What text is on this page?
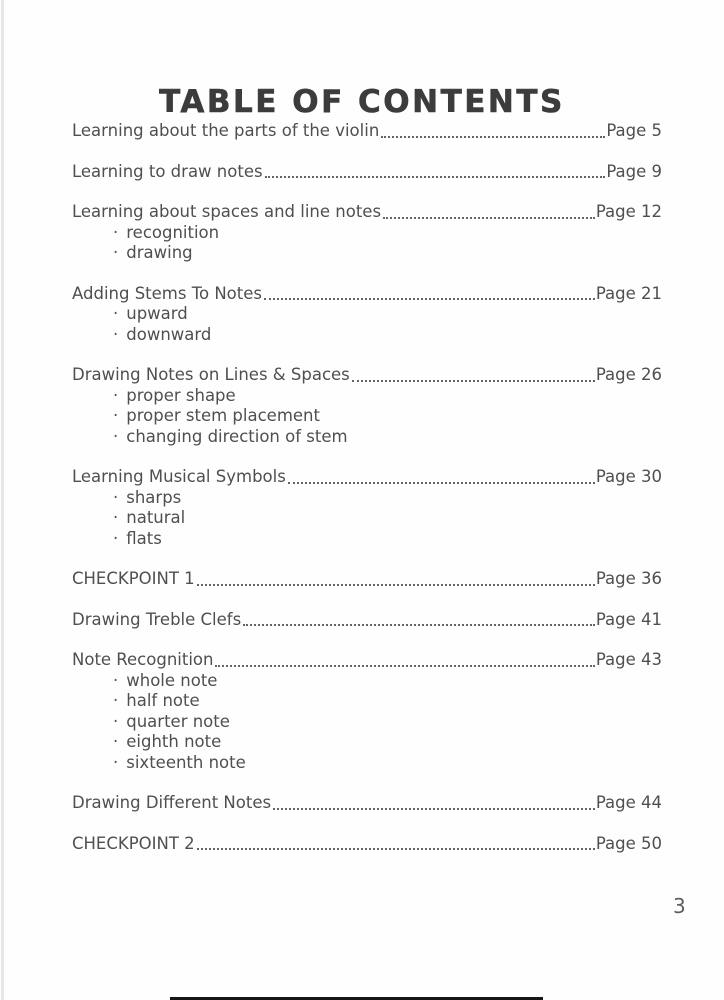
TABLE OF CONTENTS
Learning about the parts of the violin	Page 5
Learning to draw notes	Page 9
Learning about spaces and line notes	Page 12
· recognition
· drawing
Adding Stems To Notes	Page 21
· upward
· downward
Drawing Notes on Lines & Spaces	Page 26
· proper shape
· proper stem placement
· changing direction of stem
Learning Musical Symbols	Page 30
· sharps
· natural
· flats
CHECKPOINT 1	Page 36
Drawing Treble Clefs	Page 41
Note Recognition	Page 43
· whole note
· half note
· quarter note
· eighth note
· sixteenth note
Drawing Different Notes	Page 44
CHECKPOINT 2	Page 50
3
